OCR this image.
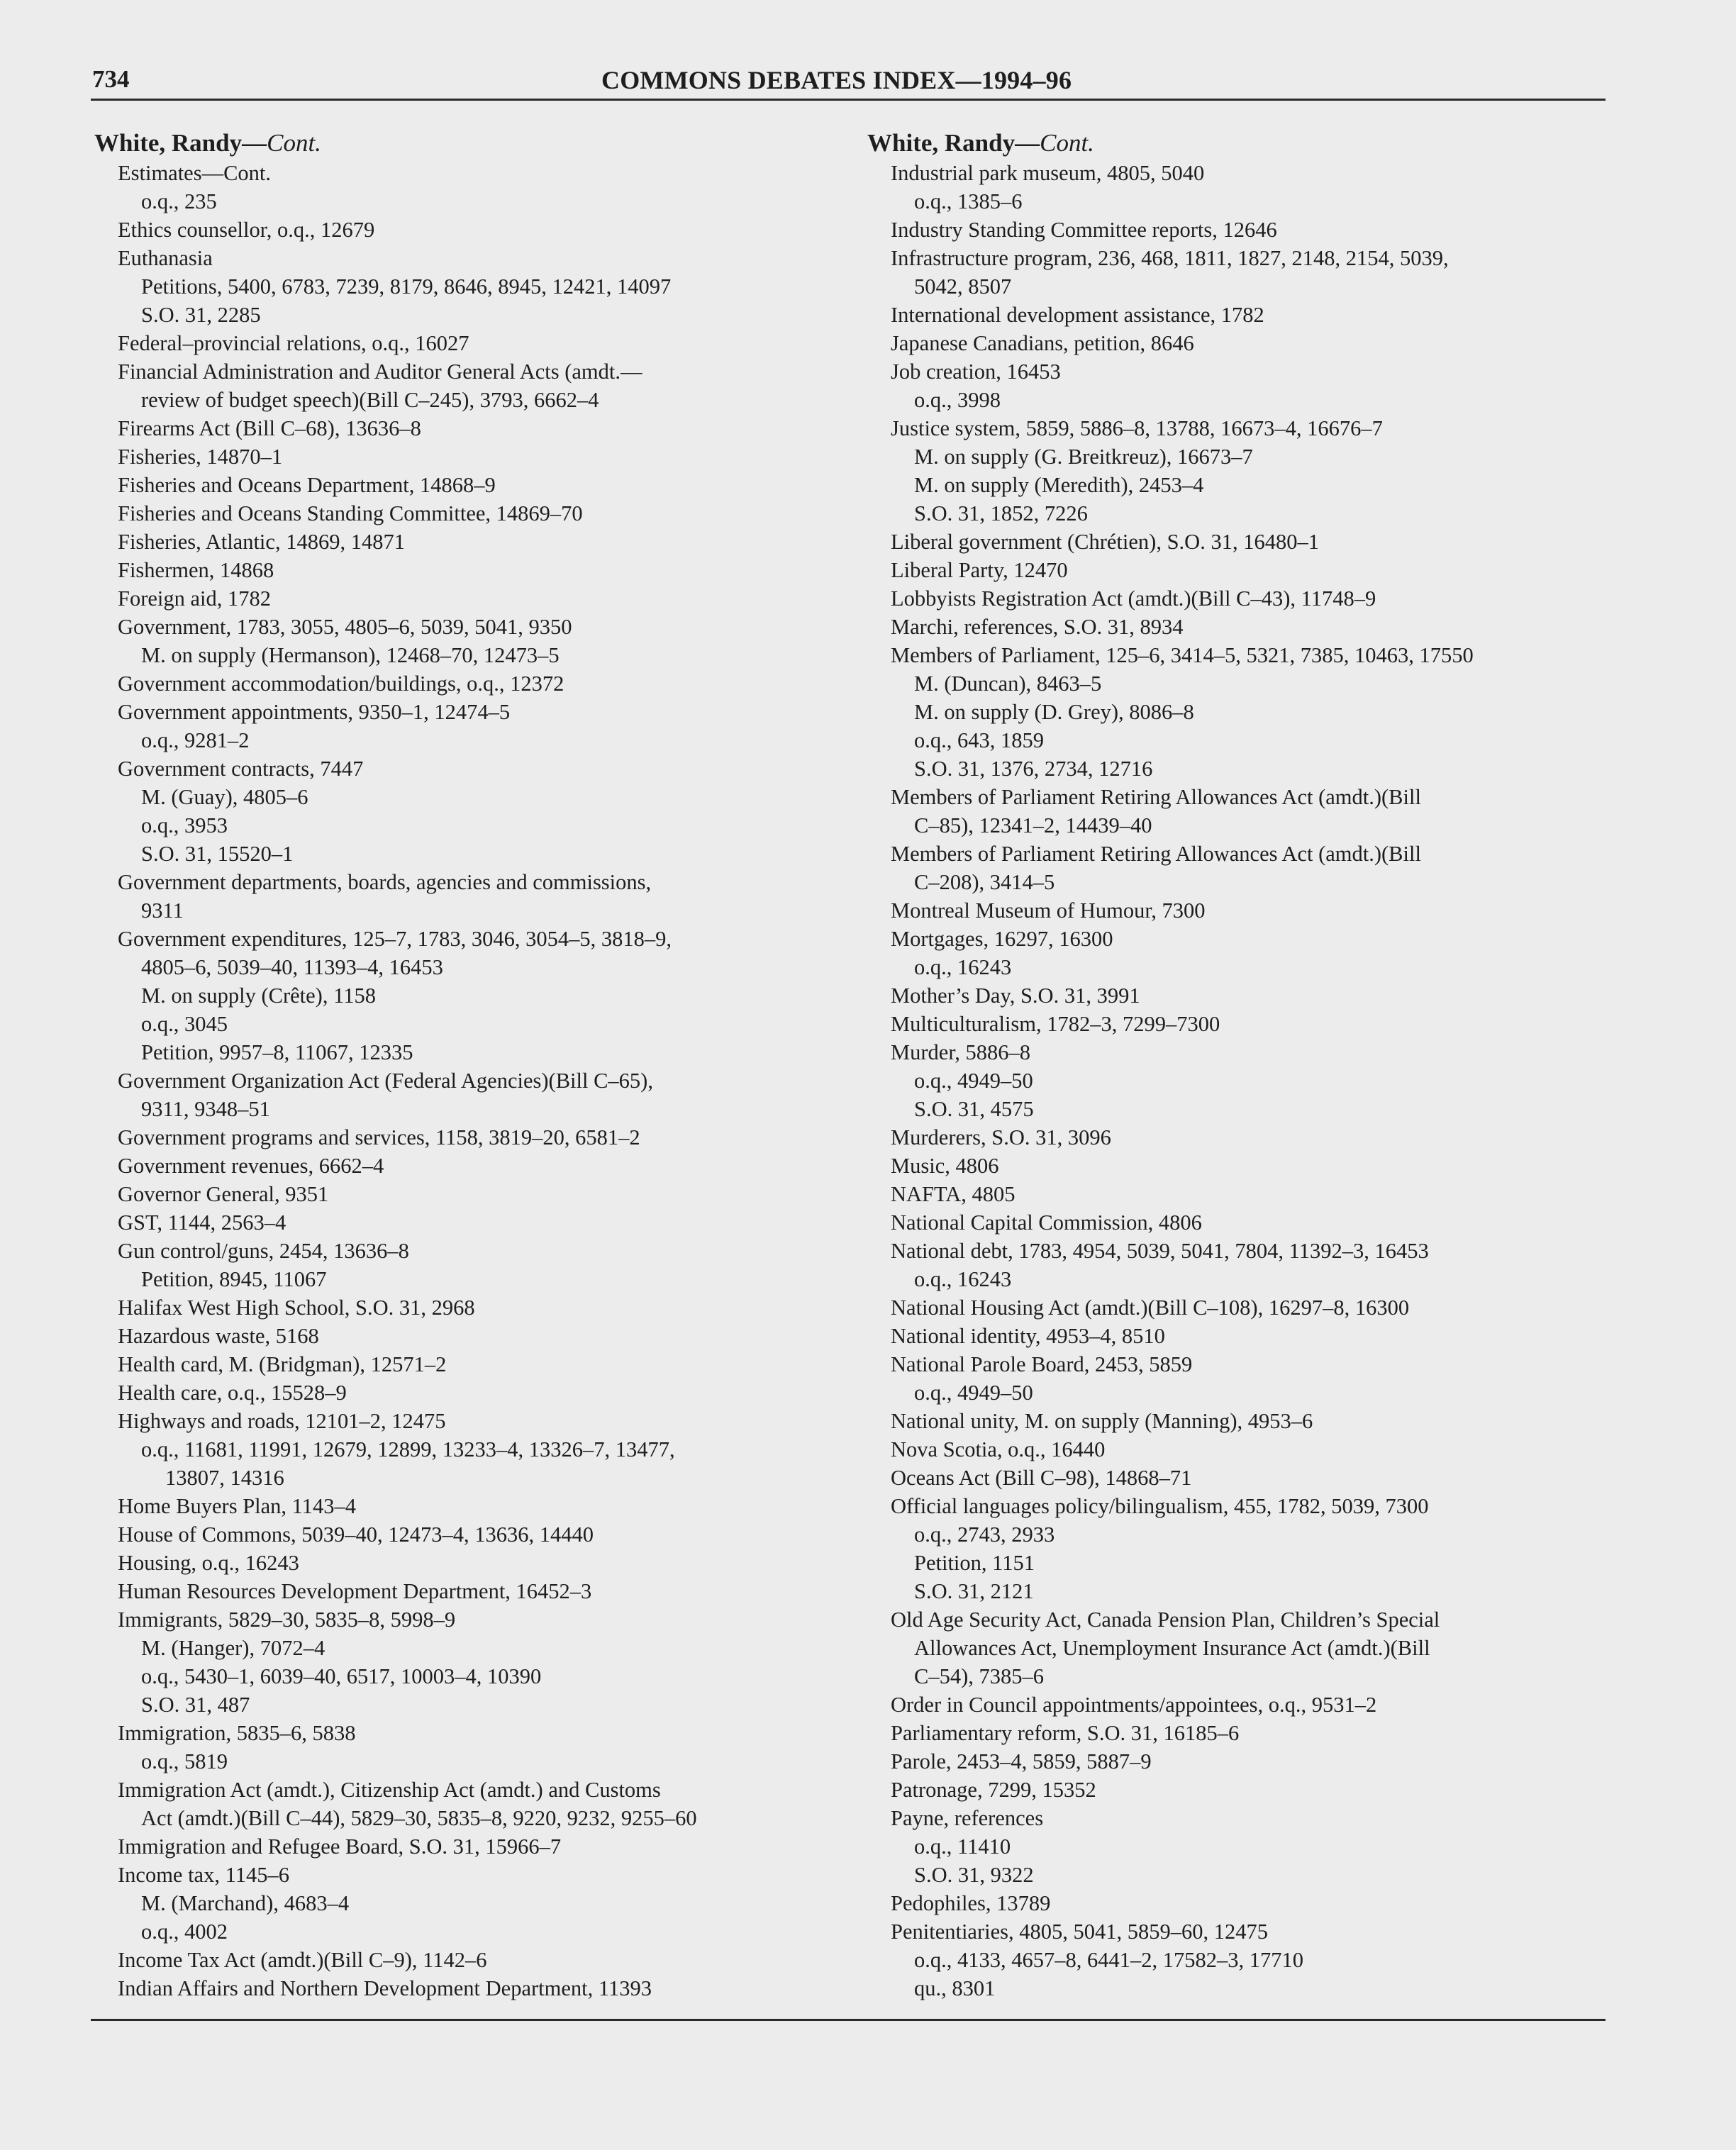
734	COMMONS DEBATES INDEX—1994–96
White, Randy—Cont.
Estimates—Cont.
o.q., 235
Ethics counsellor, o.q., 12679
Euthanasia
Petitions, 5400, 6783, 7239, 8179, 8646, 8945, 12421, 14097
S.O. 31, 2285
Federal–provincial relations, o.q., 16027
Financial Administration and Auditor General Acts (amdt.—
review of budget speech)(Bill C–245), 3793, 6662–4
Firearms Act (Bill C–68), 13636–8
Fisheries, 14870–1
Fisheries and Oceans Department, 14868–9
Fisheries and Oceans Standing Committee, 14869–70
Fisheries, Atlantic, 14869, 14871
Fishermen, 14868
Foreign aid, 1782
Government, 1783, 3055, 4805–6, 5039, 5041, 9350
M. on supply (Hermanson), 12468–70, 12473–5
Government accommodation/buildings, o.q., 12372
Government appointments, 9350–1, 12474–5
o.q., 9281–2
Government contracts, 7447
M. (Guay), 4805–6
o.q., 3953
S.O. 31, 15520–1
Government departments, boards, agencies and commissions,
9311
Government expenditures, 125–7, 1783, 3046, 3054–5, 3818–9,
4805–6, 5039–40, 11393–4, 16453
M. on supply (Crête), 1158
o.q., 3045
Petition, 9957–8, 11067, 12335
Government Organization Act (Federal Agencies)(Bill C–65),
9311, 9348–51
Government programs and services, 1158, 3819–20, 6581–2
Government revenues, 6662–4
Governor General, 9351
GST, 1144, 2563–4
Gun control/guns, 2454, 13636–8
Petition, 8945, 11067
Halifax West High School, S.O. 31, 2968
Hazardous waste, 5168
Health card, M. (Bridgman), 12571–2
Health care, o.q., 15528–9
Highways and roads, 12101–2, 12475
o.q., 11681, 11991, 12679, 12899, 13233–4, 13326–7, 13477,
13807, 14316
Home Buyers Plan, 1143–4
House of Commons, 5039–40, 12473–4, 13636, 14440
Housing, o.q., 16243
Human Resources Development Department, 16452–3
Immigrants, 5829–30, 5835–8, 5998–9
M. (Hanger), 7072–4
o.q., 5430–1, 6039–40, 6517, 10003–4, 10390
S.O. 31, 487
Immigration, 5835–6, 5838
o.q., 5819
Immigration Act (amdt.), Citizenship Act (amdt.) and Customs
Act (amdt.)(Bill C–44), 5829–30, 5835–8, 9220, 9232, 9255–60
Immigration and Refugee Board, S.O. 31, 15966–7
Income tax, 1145–6
M. (Marchand), 4683–4
o.q., 4002
Income Tax Act (amdt.)(Bill C–9), 1142–6
Indian Affairs and Northern Development Department, 11393
White, Randy—Cont.
Industrial park museum, 4805, 5040
o.q., 1385–6
Industry Standing Committee reports, 12646
Infrastructure program, 236, 468, 1811, 1827, 2148, 2154, 5039,
5042, 8507
International development assistance, 1782
Japanese Canadians, petition, 8646
Job creation, 16453
o.q., 3998
Justice system, 5859, 5886–8, 13788, 16673–4, 16676–7
M. on supply (G. Breitkreuz), 16673–7
M. on supply (Meredith), 2453–4
S.O. 31, 1852, 7226
Liberal government (Chrétien), S.O. 31, 16480–1
Liberal Party, 12470
Lobbyists Registration Act (amdt.)(Bill C–43), 11748–9
Marchi, references, S.O. 31, 8934
Members of Parliament, 125–6, 3414–5, 5321, 7385, 10463, 17550
M. (Duncan), 8463–5
M. on supply (D. Grey), 8086–8
o.q., 643, 1859
S.O. 31, 1376, 2734, 12716
Members of Parliament Retiring Allowances Act (amdt.)(Bill
C–85), 12341–2, 14439–40
Members of Parliament Retiring Allowances Act (amdt.)(Bill
C–208), 3414–5
Montreal Museum of Humour, 7300
Mortgages, 16297, 16300
o.q., 16243
Mother’s Day, S.O. 31, 3991
Multiculturalism, 1782–3, 7299–7300
Murder, 5886–8
o.q., 4949–50
S.O. 31, 4575
Murderers, S.O. 31, 3096
Music, 4806
NAFTA, 4805
National Capital Commission, 4806
National debt, 1783, 4954, 5039, 5041, 7804, 11392–3, 16453
o.q., 16243
National Housing Act (amdt.)(Bill C–108), 16297–8, 16300
National identity, 4953–4, 8510
National Parole Board, 2453, 5859
o.q., 4949–50
National unity, M. on supply (Manning), 4953–6
Nova Scotia, o.q., 16440
Oceans Act (Bill C–98), 14868–71
Official languages policy/bilingualism, 455, 1782, 5039, 7300
o.q., 2743, 2933
Petition, 1151
S.O. 31, 2121
Old Age Security Act, Canada Pension Plan, Children’s Special
Allowances Act, Unemployment Insurance Act (amdt.)(Bill
C–54), 7385–6
Order in Council appointments/appointees, o.q., 9531–2
Parliamentary reform, S.O. 31, 16185–6
Parole, 2453–4, 5859, 5887–9
Patronage, 7299, 15352
Payne, references
o.q., 11410
S.O. 31, 9322
Pedophiles, 13789
Penitentiaries, 4805, 5041, 5859–60, 12475
o.q., 4133, 4657–8, 6441–2, 17582–3, 17710
qu., 8301
